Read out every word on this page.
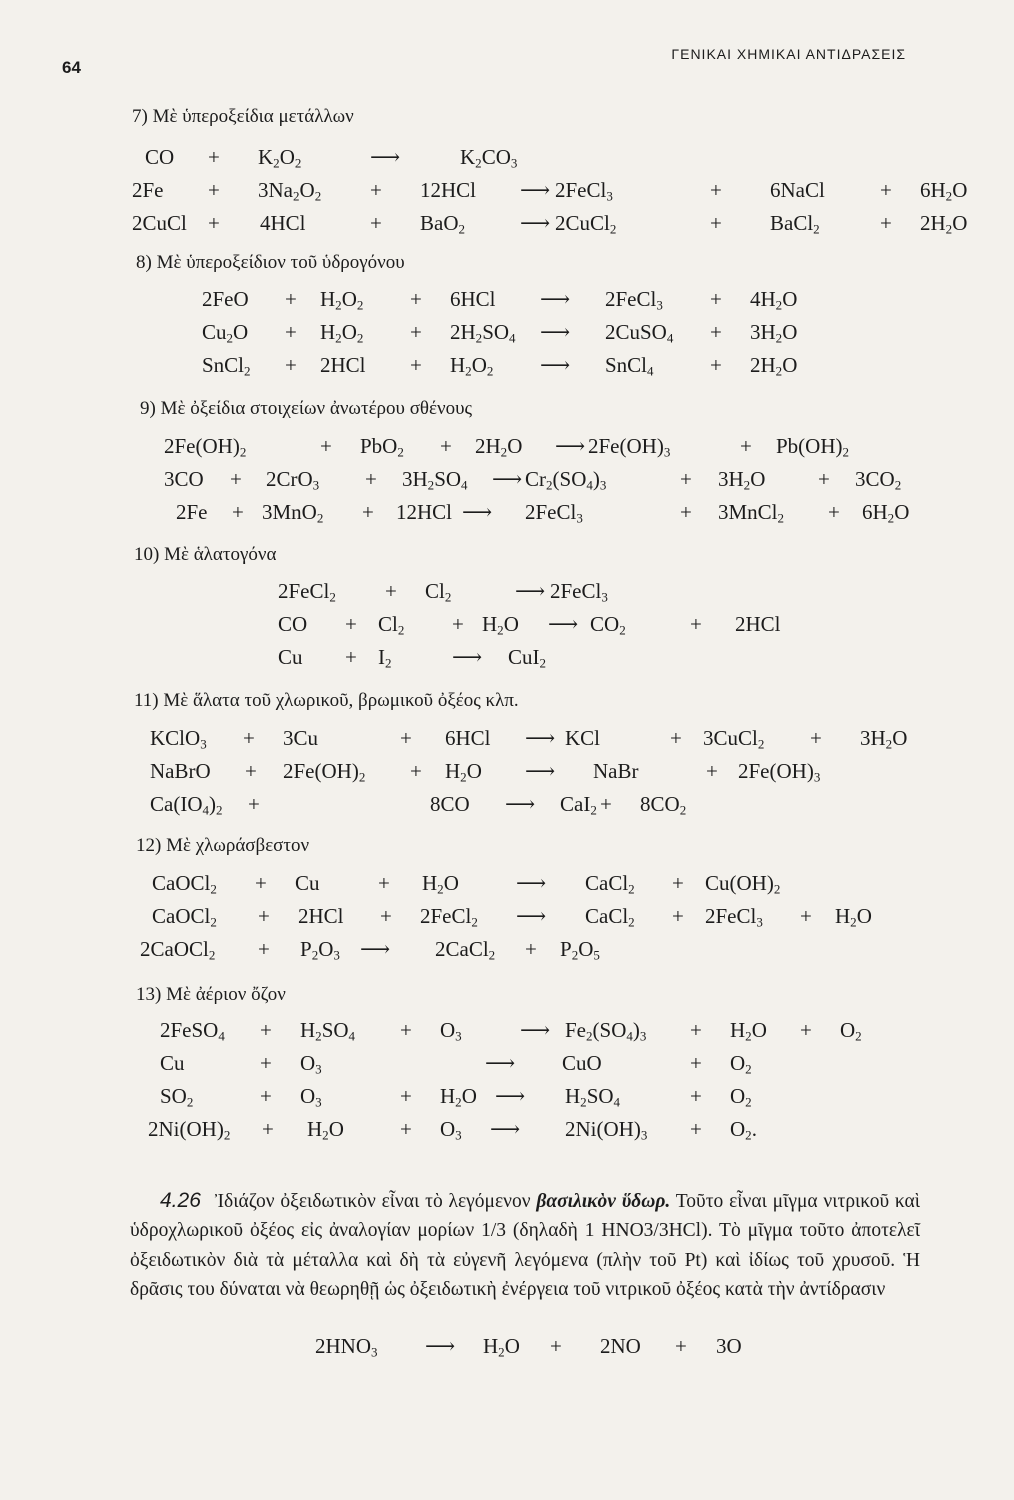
64
ΓΕΝΙΚΑΙ ΧΗΜΙΚΑΙ ΑΝΤΙΔΡΑΣΕΙΣ
7) Μὲ ὑπεροξείδια μετάλλων
CO + $K_2O_2$	⟶	$K_2CO_3$
$2Fe + 3Na_2O_2 + 12HCl$ ⟶ 2FeCl$_3$	+ 6NaCl	+ $6H_2O$
2CuCl + 4HCl	+ BaO$_2$	⟶ 2CuCl$_2$	+ BaCl$_2$	+ $2H_2O$
8) Μὲ ὑπεροξείδιον τοῦ ὑδρογόνου
$2FeO + H_2O_2 + 6HCl$ ⟶ 2FeCl$_3$ + $4H_2O$
$Cu_2O + H_2O_2 + 2H_2SO_4$ ⟶ 2CuSO$_4$ + $3H_2O$
SnCl$_2$ + $2HCl + H_2O_2$ ⟶ SnCl$_4$	+ $2H_2O$
9) Μὲ ὀξείδια στοιχείων ἀνωτέρου σθένους
$2Fe(OH)_2$	+ $PbO_2 + 2H_2O$ ⟶ $2Fe(OH)_3$	+ $Pb(OH)_2$
$3CO + 2CrO_3 + 3H_2SO_4$ ⟶ $Cr_2(SO_4)_3$	+ $3H_2O$	+ $3CO_2$
2Fe + 3MnO$_2$ + 12HCl ⟶ 2FeCl$_3$	+ 3MnCl$_2$ + $6H_2O$
10) Μὲ ἁλατογόνα
2FeCl$_2$ + $Cl_2$	⟶ 2FeCl$_3$
CO + $Cl_2 + H_2O$ ⟶ $CO_2$	+ 2HCl
$Cu + I_2$	⟶ CuI$_2$
11) Μὲ ἅλατα τοῦ χλωρικοῦ, βρωμικοῦ ὀξέος κλπ.
KClO$_3$ + 3Cu	+ 6HCl ⟶ KCl	+ 3CuCl$_2$ + $3H_2O$
NaBrO + $2Fe(OH)_2 + H_2O$ ⟶ NaBr	+ $2Fe(OH)_3$
$Ca(IO_4)_2$ +	8CO ⟶ $CaI_2 + 8CO_2$
12) Μὲ χλωράσβεστον
CaOCl$_2$ + Cu	+ $H_2O$	⟶ CaCl$_2$ + $Cu(OH)_2$
CaOCl$_2$ + 2HCl + 2FeCl$_2$ ⟶ CaCl$_2$ + 2FeCl$_3$ + $H_2O$
2CaOCl$_2$ + $P_2O_3$ ⟶ 2CaCl$_2$ + $P_2O_5$
13) Μὲ ἀέριον ὄζον
2FeSO$_4$ + $H_2SO_4 + O_3$	⟶ $Fe_2(SO_4)_3 + H_2O + O_2$
Cu	+ $O_3$	⟶ CuO	+ $O_2$
$SO_2$	+ $O_3$	+ $H_2O$ ⟶ $H_2SO_4$	+ $O_2$
$2Ni(OH)_2 + H_2O$	+ $O_3$ ⟶ $2Ni(OH)_3 + O_2$.
4.26 Ἰδιάζον ὀξειδωτικὸν εἶναι τὸ λεγόμενον βασιλικὸν ὕδωρ. Τοῦτο εἶναι μῖγμα νιτρικοῦ καὶ ὑδροχλωρικοῦ ὀξέος εἰς ἀναλογίαν μορίων 1/3 (δηλαδὴ 1 HNO3/3HCl). Τὸ μῖγμα τοῦτο ἀποτελεῖ ὀξειδωτικὸν διὰ τὰ μέταλλα καὶ δὴ τὰ εὐγενῆ λεγόμενα (πλὴν τοῦ Pt) καὶ ἰδίως τοῦ χρυσοῦ. Ἡ δρᾶσις του δύναται νὰ θεωρηθῇ ὡς ὀξειδωτικὴ ἐνέργεια τοῦ νιτρικοῦ ὀξέος κατὰ τὴν ἀντίδρασιν
$2HNO_3$ ⟶ $H_2O + 2NO + 3O$
